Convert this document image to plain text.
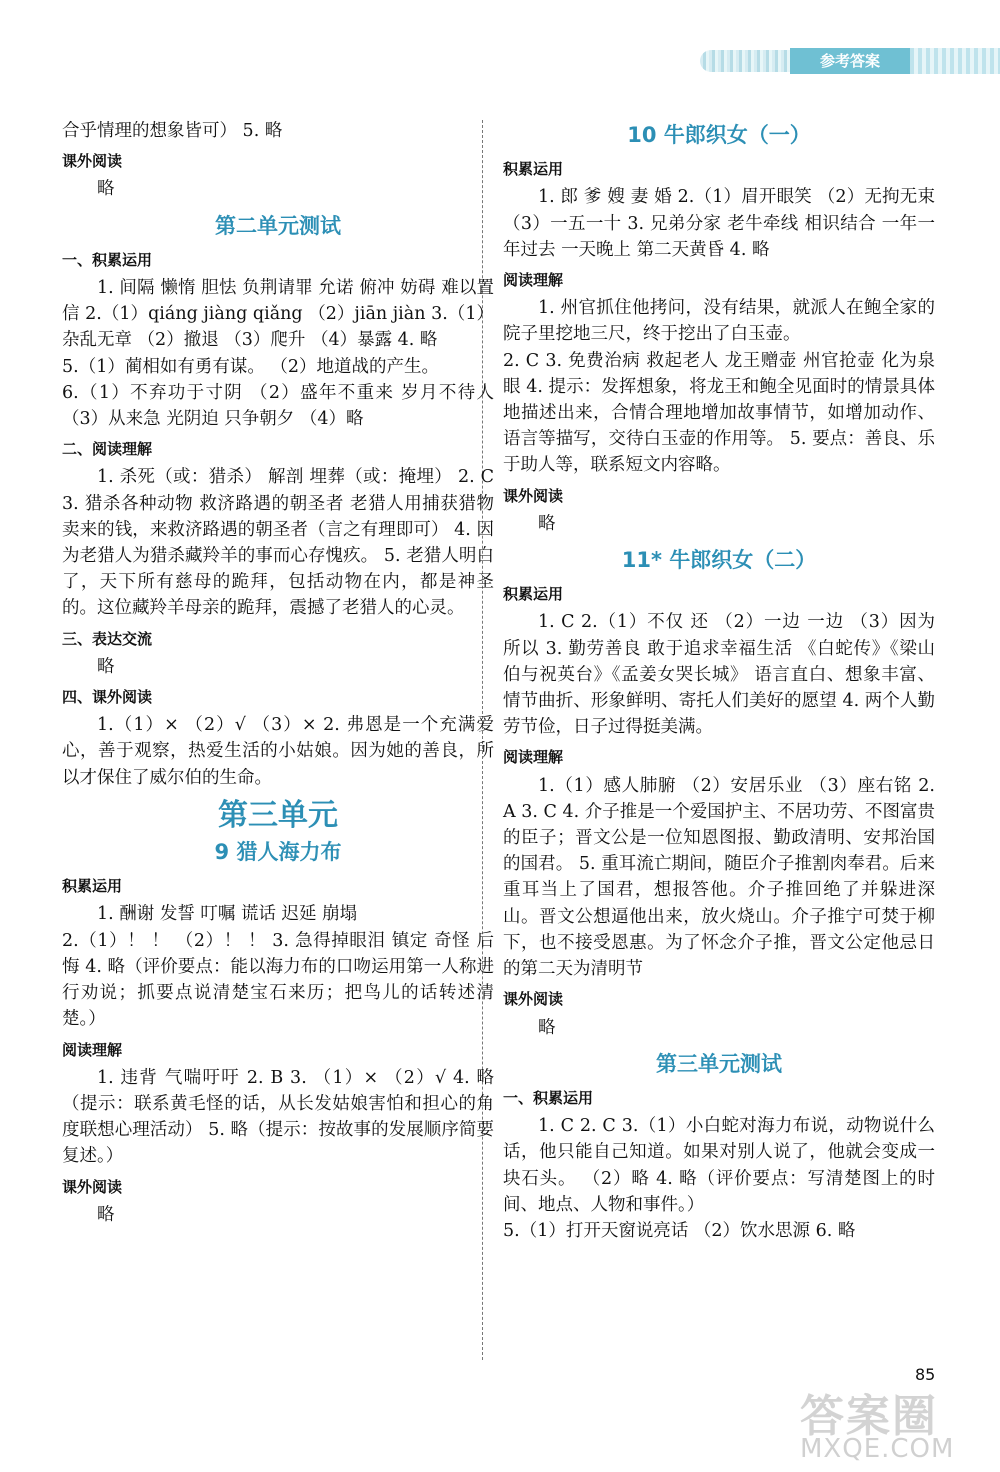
参考答案

合乎情理的想象皆可） 5. 略

课外阅读

略

第二单元测试
一、积累运用

1. 间隔 懒惰 胆怯 负荆请罪 允诺 俯冲 妨碍 难以置信 2.（1）qiáng jiàng qiǎng （2）jiān jiàn 3.（1）杂乱无章 （2）撤退 （3）爬升 （4）暴露 4. 略

5.（1）蔺相如有勇有谋。 （2）地道战的产生。

6.（1）不弃功于寸阴 （2）盛年不重来 岁月不待人 （3）从来急 光阴迫 只争朝夕 （4）略

二、阅读理解

1. 杀死（或：猎杀） 解剖 埋葬（或：掩埋） 2. C 3. 猎杀各种动物 救济路遇的朝圣者 老猎人用捕获猎物卖来的钱，来救济路遇的朝圣者（言之有理即可） 4. 因为老猎人为猎杀藏羚羊的事而心存愧疚。 5. 老猎人明白了，天下所有慈母的跪拜，包括动物在内，都是神圣的。这位藏羚羊母亲的跪拜，震撼了老猎人的心灵。

三、表达交流

略

四、课外阅读

1.（1）× （2）√ （3）× 2. 弗恩是一个充满爱心，善于观察，热爱生活的小姑娘。因为她的善良，所以才保住了威尔伯的生命。

第三单元
9 猎人海力布
积累运用

1. 酬谢 发誓 叮嘱 谎话 迟延 崩塌

2.（1）！ ！ （2）！ ！ 3. 急得掉眼泪 镇定 奇怪 后悔 4. 略（评价要点：能以海力布的口吻运用第一人称进行劝说；抓要点说清楚宝石来历；把鸟儿的话转述清楚。）

阅读理解

1. 违背 气喘吁吁 2. B 3. （1）× （2）√ 4. 略（提示：联系黄毛怪的话，从长发姑娘害怕和担心的角度联想心理活动） 5. 略（提示：按故事的发展顺序简要复述。）

课外阅读

略

10 牛郎织女（一）
积累运用

1. 郎 爹 嫂 妻 婚 2.（1）眉开眼笑 （2）无拘无束 （3）一五一十 3. 兄弟分家 老牛牵线 相识结合 一年一年过去 一天晚上 第二天黄昏 4. 略

阅读理解

1. 州官抓住他拷问，没有结果，就派人在鲍全家的院子里挖地三尺，终于挖出了白玉壶。

2. C 3. 免费治病 救起老人 龙王赠壶 州官抢壶 化为泉眼 4. 提示：发挥想象，将龙王和鲍全见面时的情景具体地描述出来，合情合理地增加故事情节，如增加动作、语言等描写，交待白玉壶的作用等。 5. 要点：善良、乐于助人等，联系短文内容略。

课外阅读

略

11* 牛郎织女（二）
积累运用

1. C 2.（1）不仅 还 （2）一边 一边 （3）因为 所以 3. 勤劳善良 敢于追求幸福生活 《白蛇传》《梁山伯与祝英台》《孟姜女哭长城》 语言直白、想象丰富、情节曲折、形象鲜明、寄托人们美好的愿望 4. 两个人勤劳节俭，日子过得挺美满。

阅读理解

1.（1）感人肺腑 （2）安居乐业 （3）座右铭 2. A 3. C 4. 介子推是一个爱国护主、不居功劳、不图富贵的臣子；晋文公是一位知恩图报、勤政清明、安邦治国的国君。 5. 重耳流亡期间，随臣介子推割肉奉君。后来重耳当上了国君，想报答他。介子推回绝了并躲进深山。晋文公想逼他出来，放火烧山。介子推宁可焚于柳下，也不接受恩惠。为了怀念介子推，晋文公定他忌日的第二天为清明节

课外阅读

略

第三单元测试
一、积累运用

1. C 2. C 3.（1）小白蛇对海力布说，动物说什么话，他只能自己知道。如果对别人说了，他就会变成一块石头。 （2）略 4. 略（评价要点：写清楚图上的时间、地点、人物和事件。）

5.（1）打开天窗说亮话 （2）饮水思源 6. 略

85
答案圈
MXQE.COM
